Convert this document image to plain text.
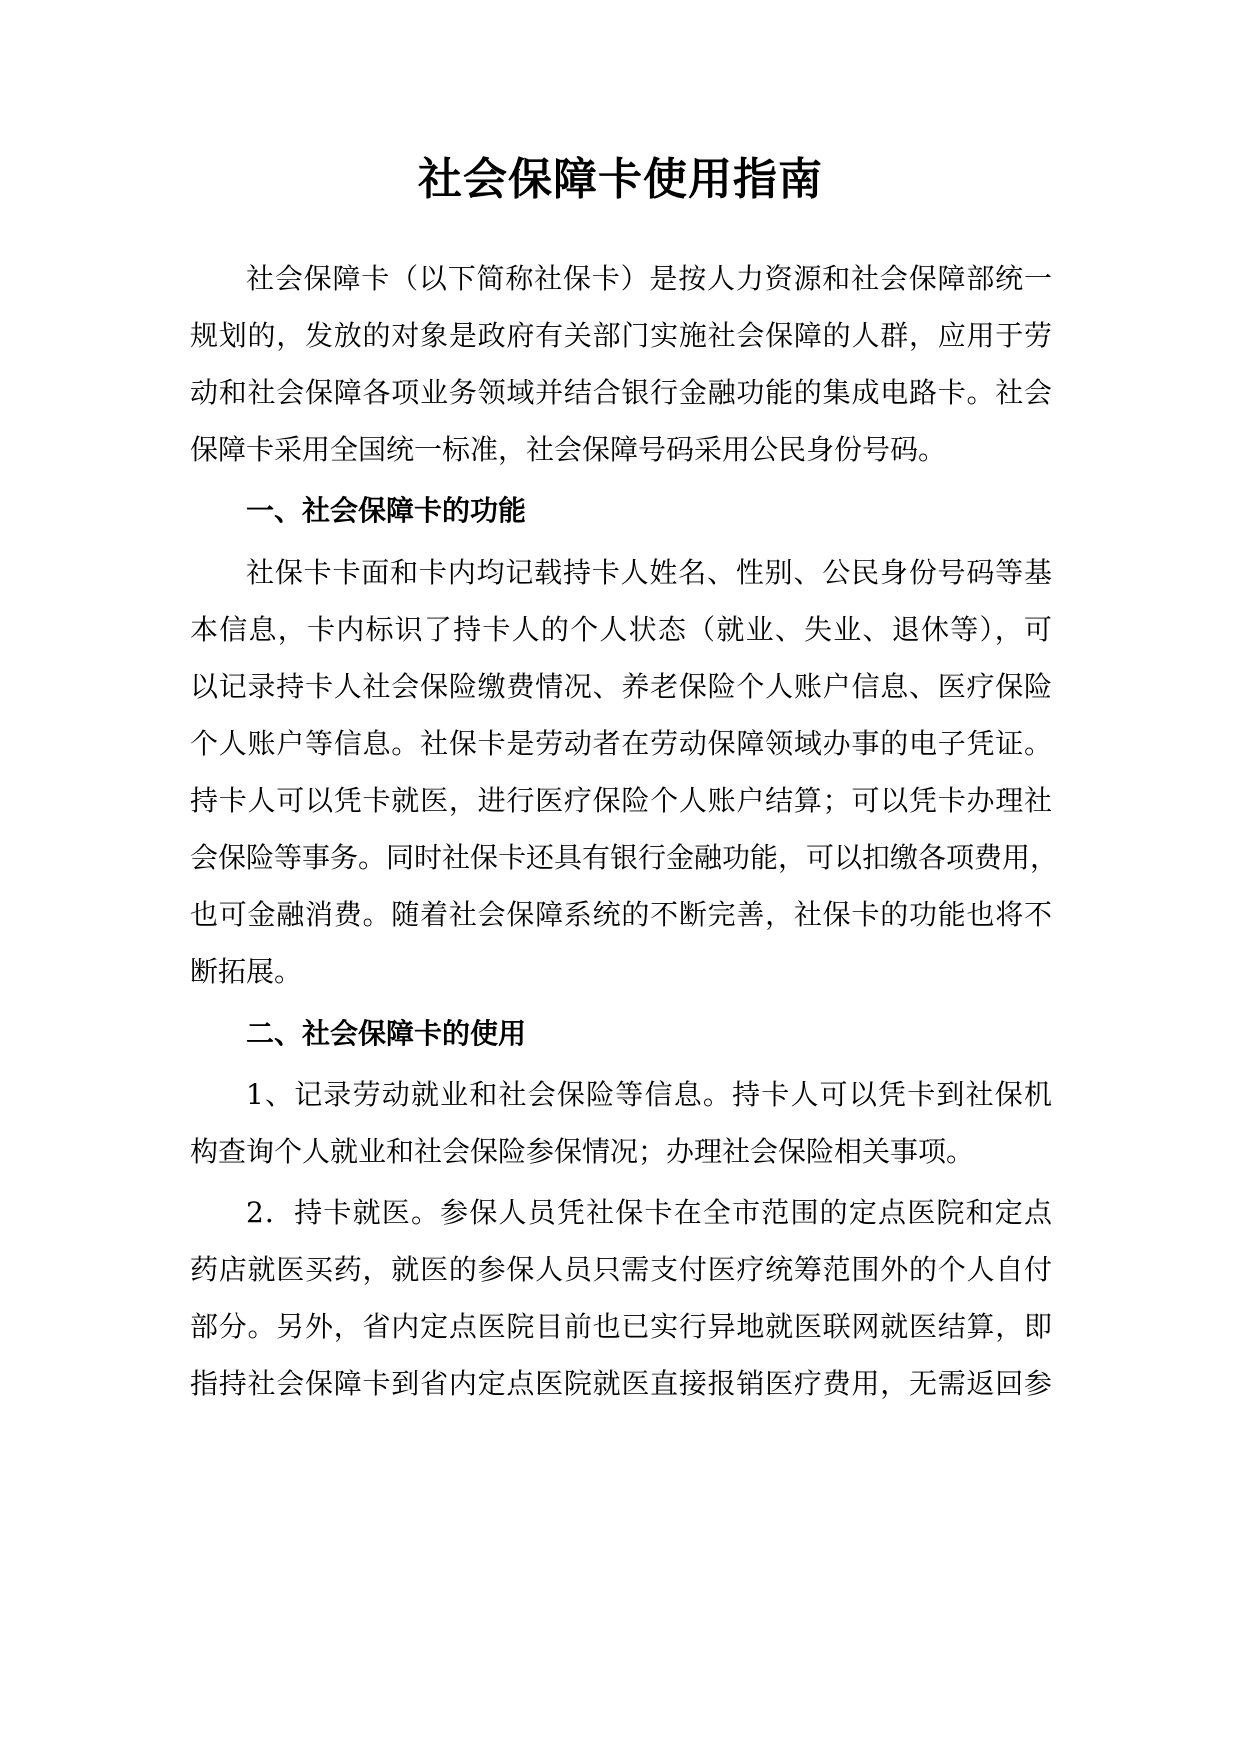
社会保障卡使用指南
社会保障卡（以下简称社保卡）是按人力资源和社会保障部统一
规划的，发放的对象是政府有关部门实施社会保障的人群，应用于劳
动和社会保障各项业务领域并结合银行金融功能的集成电路卡。社会
保障卡采用全国统一标准，社会保障号码采用公民身份号码。
一、社会保障卡的功能
社保卡卡面和卡内均记载持卡人姓名、性别、公民身份号码等基
本信息，卡内标识了持卡人的个人状态（就业、失业、退休等），可
以记录持卡人社会保险缴费情况、养老保险个人账户信息、医疗保险
个人账户等信息。社保卡是劳动者在劳动保障领域办事的电子凭证。
持卡人可以凭卡就医，进行医疗保险个人账户结算；可以凭卡办理社
会保险等事务。同时社保卡还具有银行金融功能，可以扣缴各项费用，
也可金融消费。随着社会保障系统的不断完善，社保卡的功能也将不
断拓展。
二、社会保障卡的使用
1、记录劳动就业和社会保险等信息。持卡人可以凭卡到社保机
构查询个人就业和社会保险参保情况；办理社会保险相关事项。
2．持卡就医。参保人员凭社保卡在全市范围的定点医院和定点
药店就医买药，就医的参保人员只需支付医疗统筹范围外的个人自付
部分。另外，省内定点医院目前也已实行异地就医联网就医结算，即
指持社会保障卡到省内定点医院就医直接报销医疗费用，无需返回参
